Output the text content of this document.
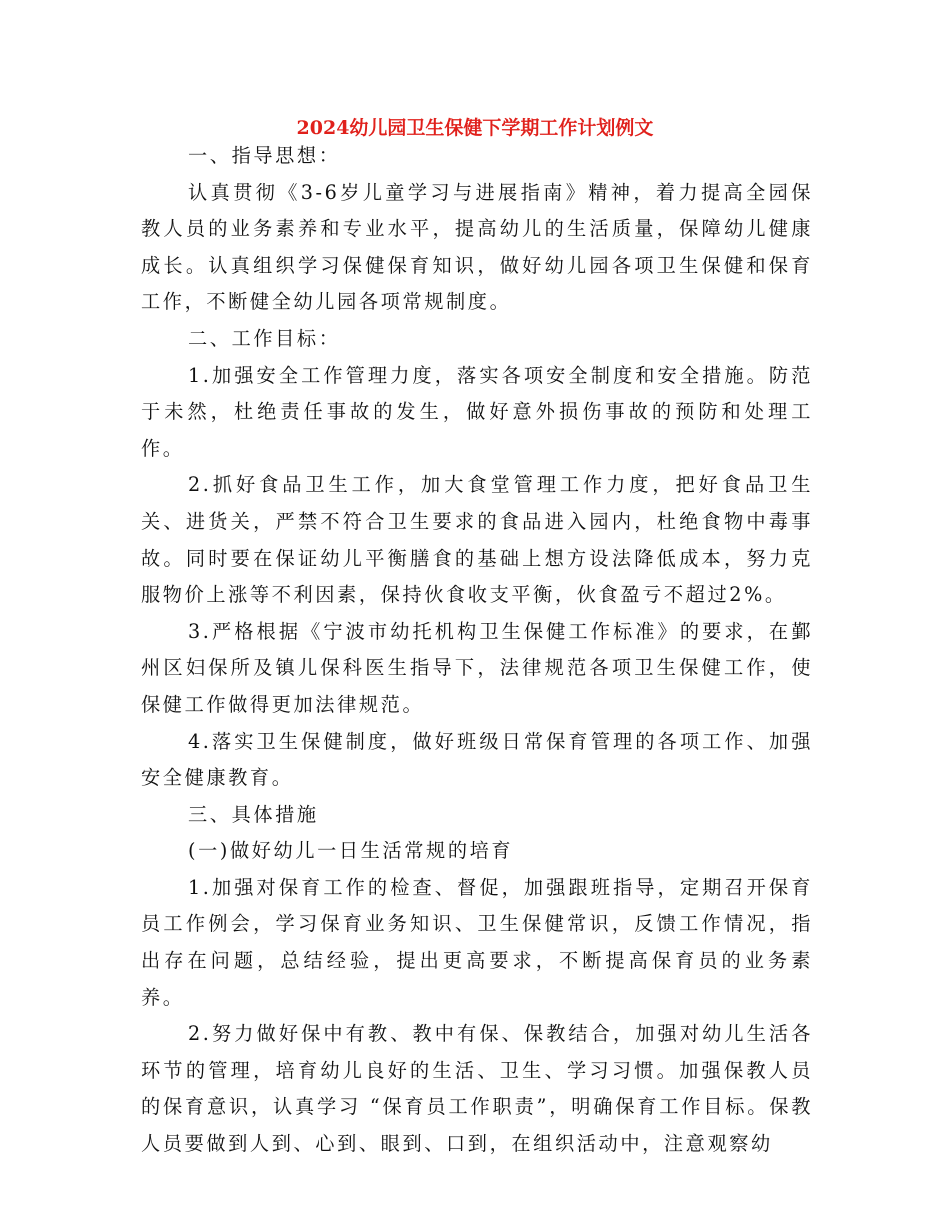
2024幼儿园卫生保健下学期工作计划例文

一、指导思想：

认真贯彻《3-6岁儿童学习与进展指南》精神，着力提高全园保教人员的业务素养和专业水平，提高幼儿的生活质量，保障幼儿健康成长。认真组织学习保健保育知识，做好幼儿园各项卫生保健和保育工作，不断健全幼儿园各项常规制度。

二、工作目标：

1.加强安全工作管理力度，落实各项安全制度和安全措施。防范于未然，杜绝责任事故的发生，做好意外损伤事故的预防和处理工作。

2.抓好食品卫生工作，加大食堂管理工作力度，把好食品卫生关、进货关，严禁不符合卫生要求的食品进入园内，杜绝食物中毒事故。同时要在保证幼儿平衡膳食的基础上想方设法降低成本，努力克服物价上涨等不利因素，保持伙食收支平衡，伙食盈亏不超过2%。

3.严格根据《宁波市幼托机构卫生保健工作标准》的要求，在鄞州区妇保所及镇儿保科医生指导下，法律规范各项卫生保健工作，使保健工作做得更加法律规范。

4.落实卫生保健制度，做好班级日常保育管理的各项工作、加强安全健康教育。

三、具体措施

(一)做好幼儿一日生活常规的培育

1.加强对保育工作的检查、督促，加强跟班指导，定期召开保育员工作例会，学习保育业务知识、卫生保健常识，反馈工作情况，指出存在问题，总结经验，提出更高要求，不断提高保育员的业务素养。

2.努力做好保中有教、教中有保、保教结合，加强对幼儿生活各环节的管理，培育幼儿良好的生活、卫生、学习习惯。加强保教人员的保育意识，认真学习 “保育员工作职责”，明确保育工作目标。保教人员要做到人到、心到、眼到、口到，在组织活动中，注意观察幼
